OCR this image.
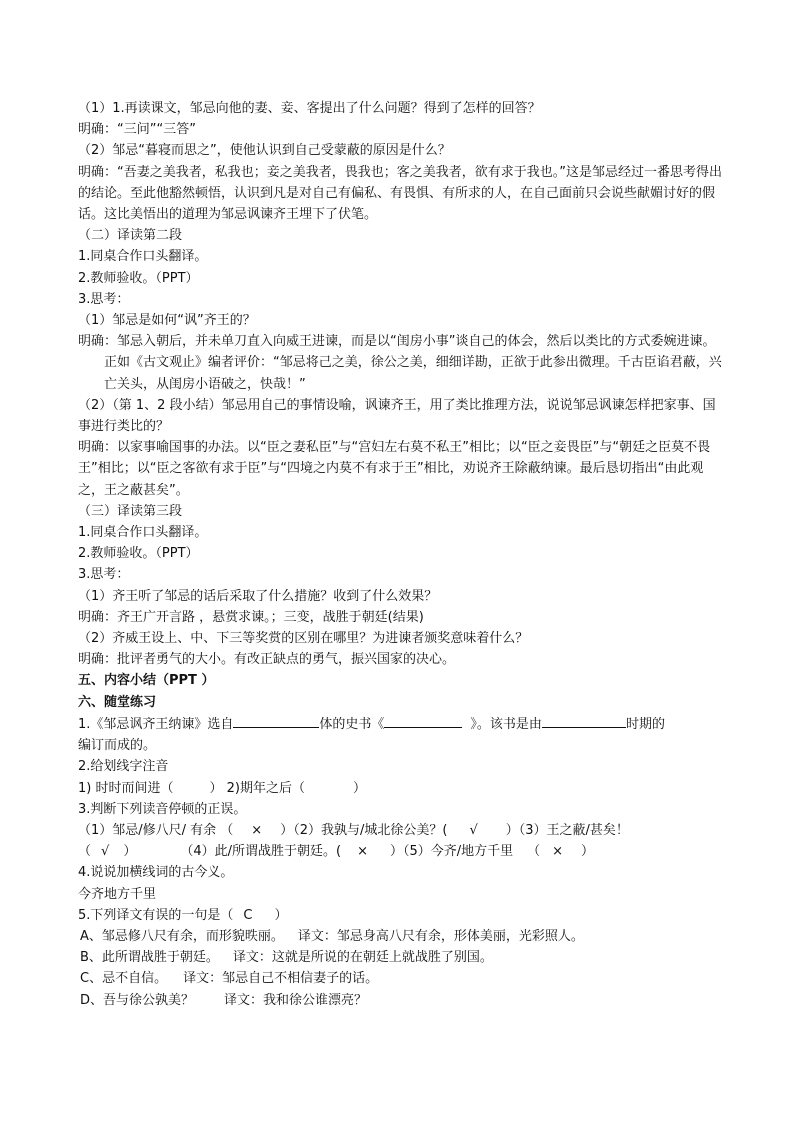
（1）1.再读课文，邹忌向他的妻、妾、客提出了什么问题？得到了怎样的回答？
明确：“三问”“三答”
（2）邹忌“暮寝而思之”，使他认识到自己受蒙蔽的原因是什么？
明确：“吾妻之美我者，私我也；妾之美我者，畏我也；客之美我者，欲有求于我也。”这是邹忌经过一番思考得出的结论。至此他豁然顿悟，认识到凡是对自己有偏私、有畏惧、有所求的人，在自己面前只会说些献媚讨好的假话。这比美悟出的道理为邹忌讽谏齐王埋下了伏笔。
（二）译读第二段
1.同桌合作口头翻译。
2.教师验收。（PPT）
3.思考：
（1）邹忌是如何“讽”齐王的？
明确：邹忌入朝后，并未单刀直入向威王进谏，而是以“闺房小事”谈自己的体会，然后以类比的方式委婉进谏。
正如《古文观止》编者评价：“邹忌将己之美，徐公之美，细细详勘，正欲于此参出微理。千古臣谄君蔽，兴亡关头，从闺房小语破之，快哉！”
（2）（第 1、2 段小结）邹忌用自己的事情设喻，讽谏齐王，用了类比推理方法，说说邹忌讽谏怎样把家事、国事进行类比的？
明确：以家事喻国事的办法。以“臣之妻私臣”与“宫妇左右莫不私王”相比；以“臣之妾畏臣”与“朝廷之臣莫不畏王”相比；以“臣之客欲有求于臣”与“四境之内莫不有求于王”相比，劝说齐王除蔽纳谏。最后恳切指出“由此观之，王之蔽甚矣”。
（三）译读第三段
1.同桌合作口头翻译。
2.教师验收。（PPT）
3.思考：
（1）齐王听了邹忌的话后采取了什么措施？收到了什么效果？
明确：齐王广开言路 ，悬赏求谏。；三变，战胜于朝廷(结果)
（2）齐威王设上、中、下三等奖赏的区别在哪里？为进谏者颁奖意味着什么？
明确：批评者勇气的大小。有改正缺点的勇气，振兴国家的决心。
五、内容小结（PPT ）
六、随堂练习
1.《邹忌讽齐王纳谏》选自	体的史书《	》。该书是由	时期的
编订而成的。
2.给划线字注音
1) 时时而间进（	） 2)期年之后（	）
3.判断下列读音停顿的正误。
（1）邹忌/修八尺/ 有余 （ × ）（2）我孰与/城北徐公美？( √ ）（3）王之蔽/甚矣！
（ √ ）	（4）此/所谓战胜于朝廷。( × ）（5）今齐/地方千里 （ × ）
4.说说加横线词的古今义。
今齐地方千里
5.下列译文有误的一句是（ C ）
A、邹忌修八尺有余，而形貌昳丽。 译文：邹忌身高八尺有余，形体美丽，光彩照人。
B、此所谓战胜于朝廷。 译文：这就是所说的在朝廷上就战胜了别国。
C、忌不自信。 译文：邹忌自己不相信妻子的话。
D、吾与徐公孰美？ 译文：我和徐公谁漂亮？
